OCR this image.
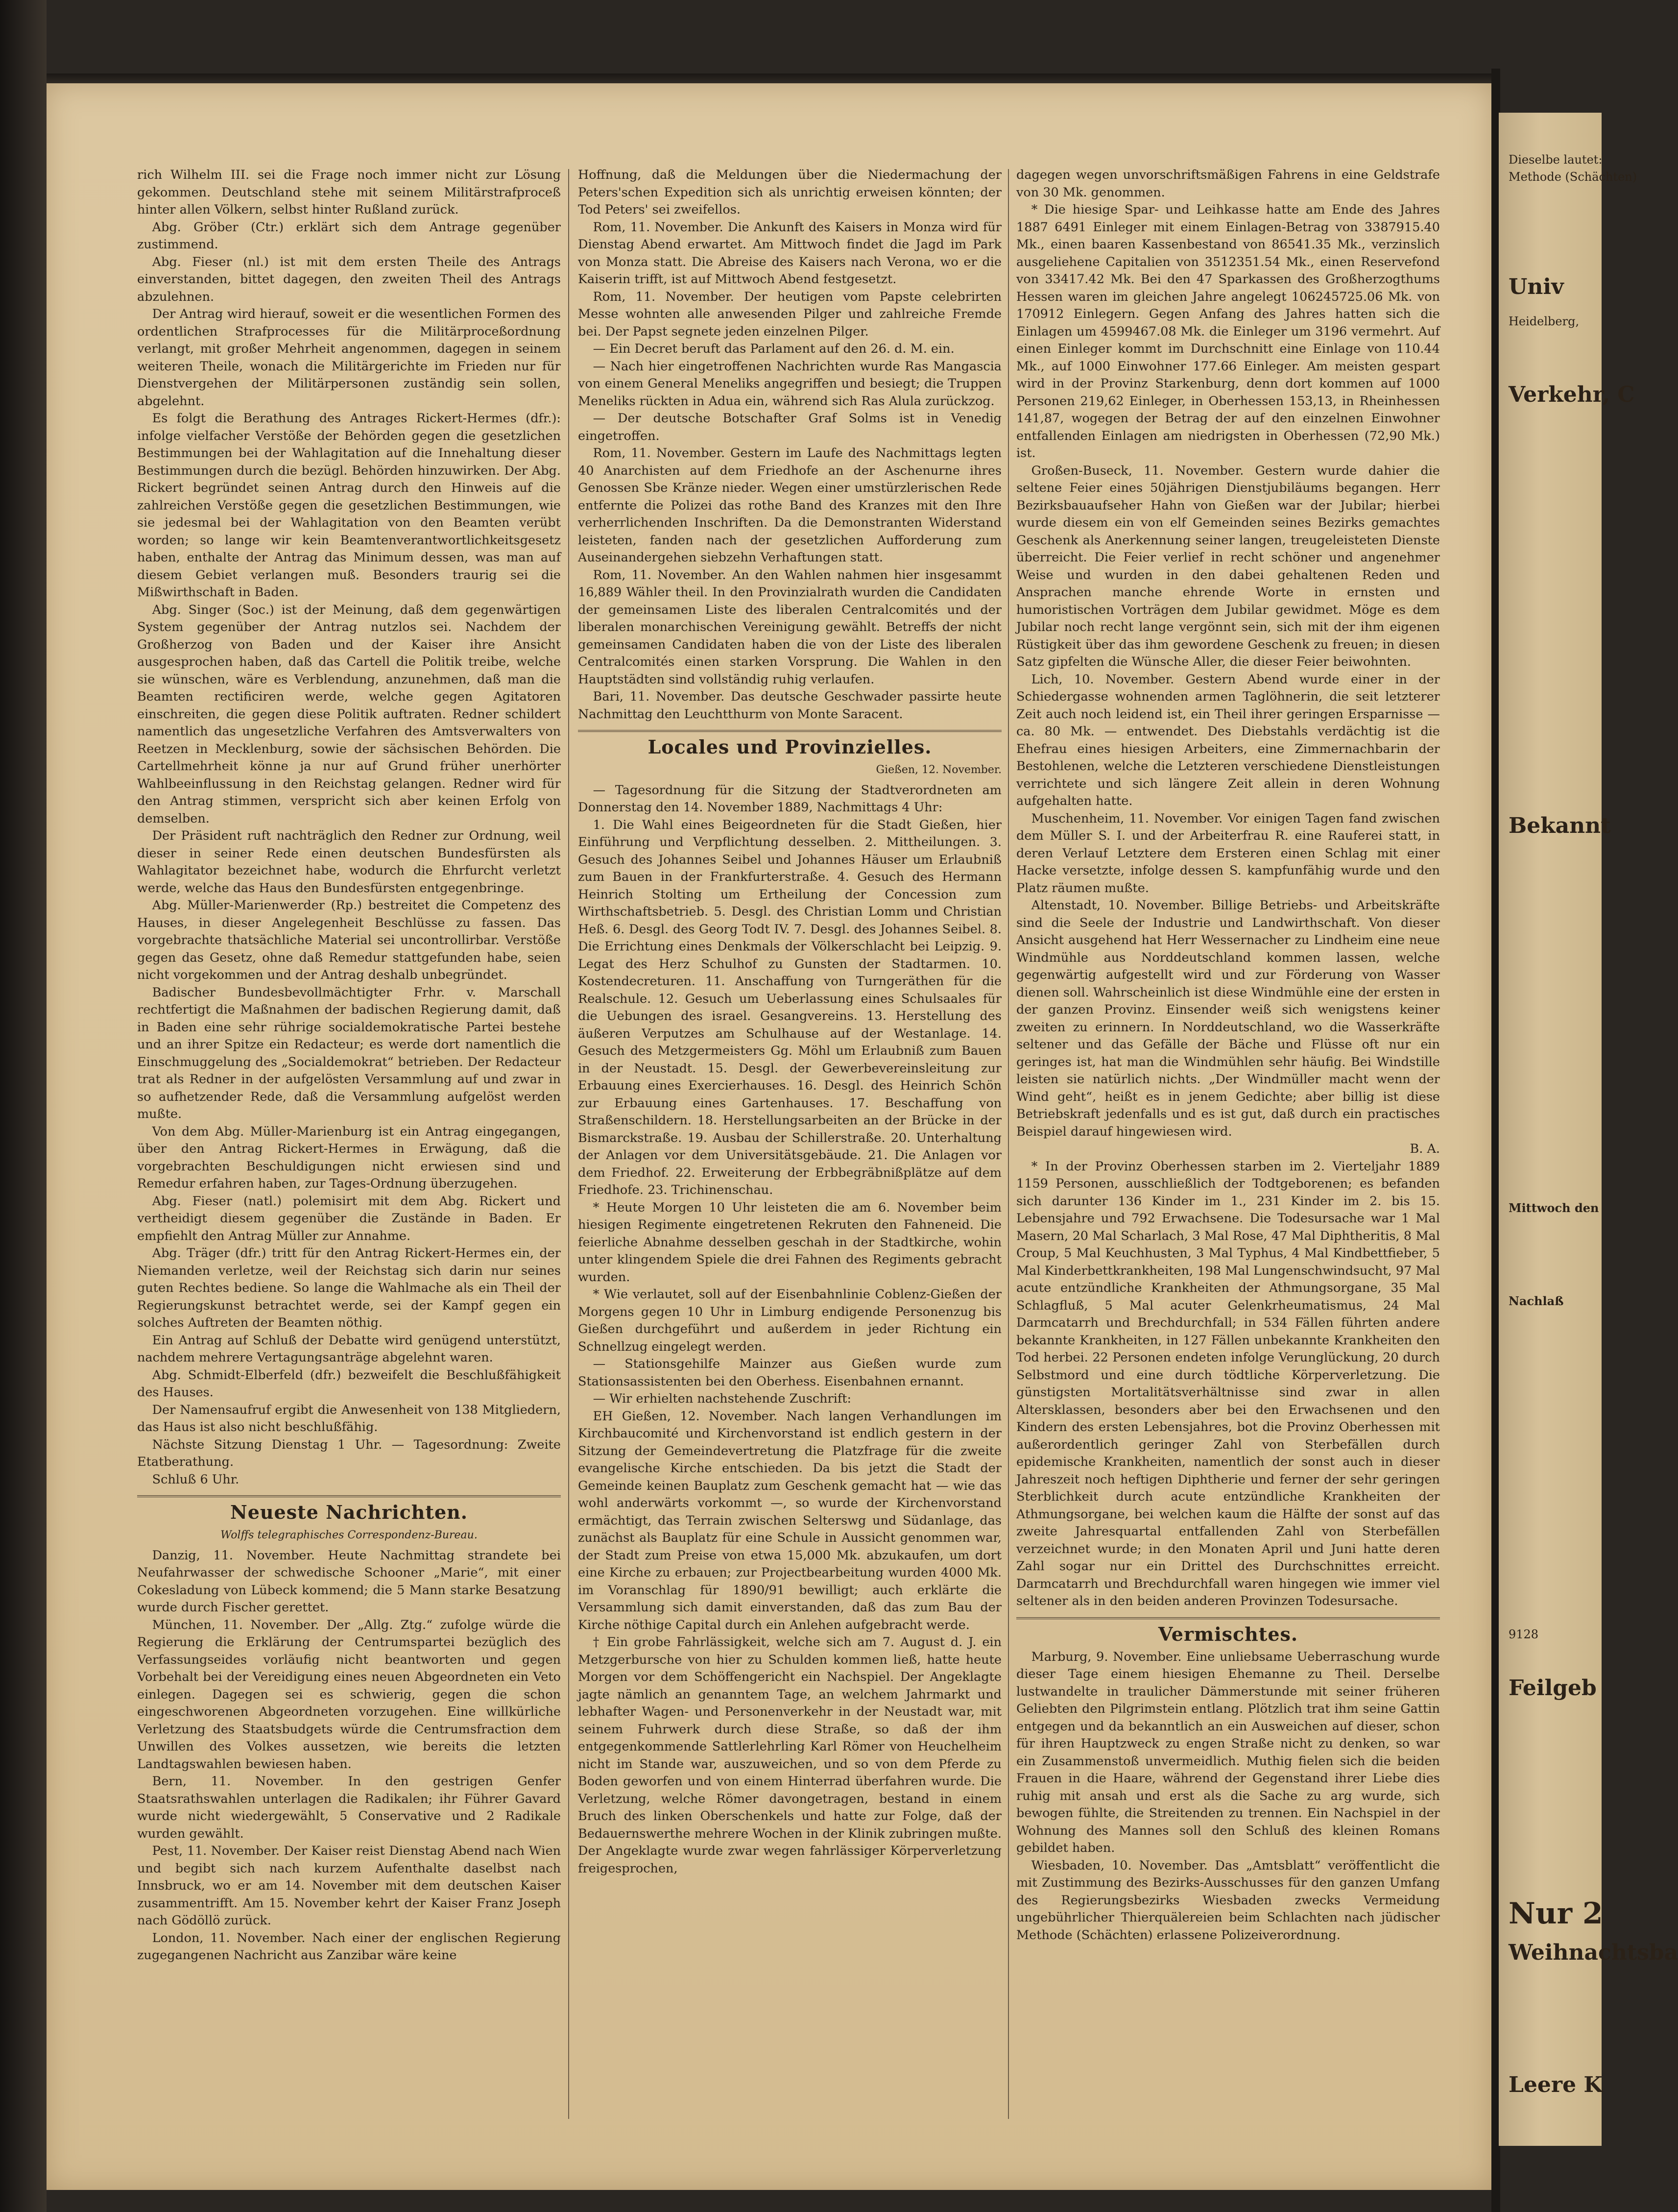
rich Wilhelm III. sei die Frage noch immer nicht zur Lösung gekommen. Deutschland stehe mit seinem Militärstrafproceß hinter allen Völkern, selbst hinter Rußland zurück.

Abg. Gröber (Ctr.) erklärt sich dem Antrage gegenüber zustimmend.

Abg. Fieser (nl.) ist mit dem ersten Theile des Antrags einverstanden, bittet dagegen, den zweiten Theil des Antrags abzulehnen.

Der Antrag wird hierauf, soweit er die wesentlichen Formen des ordentlichen Strafprocesses für die Militärproceßordnung verlangt, mit großer Mehrheit angenommen, dagegen in seinem weiteren Theile, wonach die Militärgerichte im Frieden nur für Dienstvergehen der Militärpersonen zuständig sein sollen, abgelehnt.

Es folgt die Berathung des Antrages Rickert-Hermes (dfr.): infolge vielfacher Verstöße der Behörden gegen die gesetzlichen Bestimmungen bei der Wahlagitation auf die Innehaltung dieser Bestimmungen durch die bezügl. Behörden hinzuwirken. Der Abg. Rickert begründet seinen Antrag durch den Hinweis auf die zahlreichen Verstöße gegen die gesetzlichen Bestimmungen, wie sie jedesmal bei der Wahlagitation von den Beamten verübt worden; so lange wir kein Beamtenverantwortlichkeitsgesetz haben, enthalte der Antrag das Minimum dessen, was man auf diesem Gebiet verlangen muß. Besonders traurig sei die Mißwirthschaft in Baden.

Abg. Singer (Soc.) ist der Meinung, daß dem gegenwärtigen System gegenüber der Antrag nutzlos sei. Nachdem der Großherzog von Baden und der Kaiser ihre Ansicht ausgesprochen haben, daß das Cartell die Politik treibe, welche sie wünschen, wäre es Verblendung, anzunehmen, daß man die Beamten rectificiren werde, welche gegen Agitatoren einschreiten, die gegen diese Politik auftraten. Redner schildert namentlich das ungesetzliche Verfahren des Amtsverwalters von Reetzen in Mecklenburg, sowie der sächsischen Behörden. Die Cartellmehrheit könne ja nur auf Grund früher unerhörter Wahlbeeinflussung in den Reichstag gelangen. Redner wird für den Antrag stimmen, verspricht sich aber keinen Erfolg von demselben.

Der Präsident ruft nachträglich den Redner zur Ordnung, weil dieser in seiner Rede einen deutschen Bundesfürsten als Wahlagitator bezeichnet habe, wodurch die Ehrfurcht verletzt werde, welche das Haus den Bundesfürsten entgegenbringe.

Abg. Müller-Marienwerder (Rp.) bestreitet die Competenz des Hauses, in dieser Angelegenheit Beschlüsse zu fassen. Das vorgebrachte thatsächliche Material sei uncontrollirbar. Verstöße gegen das Gesetz, ohne daß Remedur stattgefunden habe, seien nicht vorgekommen und der Antrag deshalb unbegründet.

Badischer Bundesbevollmächtigter Frhr. v. Marschall rechtfertigt die Maßnahmen der badischen Regierung damit, daß in Baden eine sehr rührige socialdemokratische Partei bestehe und an ihrer Spitze ein Redacteur; es werde dort namentlich die Einschmuggelung des „Socialdemokrat“ betrieben. Der Redacteur trat als Redner in der aufgelösten Versammlung auf und zwar in so aufhetzender Rede, daß die Versammlung aufgelöst werden mußte.

Von dem Abg. Müller-Marienburg ist ein Antrag eingegangen, über den Antrag Rickert-Hermes in Erwägung, daß die vorgebrachten Beschuldigungen nicht erwiesen sind und Remedur erfahren haben, zur Tages-Ordnung überzugehen.

Abg. Fieser (natl.) polemisirt mit dem Abg. Rickert und vertheidigt diesem gegenüber die Zustände in Baden. Er empfiehlt den Antrag Müller zur Annahme.

Abg. Träger (dfr.) tritt für den Antrag Rickert-Hermes ein, der Niemanden verletze, weil der Reichstag sich darin nur seines guten Rechtes bediene. So lange die Wahlmache als ein Theil der Regierungskunst betrachtet werde, sei der Kampf gegen ein solches Auftreten der Beamten nöthig.

Ein Antrag auf Schluß der Debatte wird genügend unterstützt, nachdem mehrere Vertagungsanträge abgelehnt waren.

Abg. Schmidt-Elberfeld (dfr.) bezweifelt die Beschlußfähigkeit des Hauses.

Der Namensaufruf ergibt die Anwesenheit von 138 Mitgliedern, das Haus ist also nicht beschlußfähig.

Nächste Sitzung Dienstag 1 Uhr. — Tagesordnung: Zweite Etatberathung.

Schluß 6 Uhr.

Neueste Nachrichten.
Wolffs telegraphisches Correspondenz-Bureau.

Danzig, 11. November. Heute Nachmittag strandete bei Neufahrwasser der schwedische Schooner „Marie“, mit einer Cokesladung von Lübeck kommend; die 5 Mann starke Besatzung wurde durch Fischer gerettet.

München, 11. November. Der „Allg. Ztg.“ zufolge würde die Regierung die Erklärung der Centrumspartei bezüglich des Verfassungseides vorläufig nicht beantworten und gegen Vorbehalt bei der Vereidigung eines neuen Abgeordneten ein Veto einlegen. Dagegen sei es schwierig, gegen die schon eingeschworenen Abgeordneten vorzugehen. Eine willkürliche Verletzung des Staatsbudgets würde die Centrumsfraction dem Unwillen des Volkes aussetzen, wie bereits die letzten Landtagswahlen bewiesen haben.

Bern, 11. November. In den gestrigen Genfer Staatsrathswahlen unterlagen die Radikalen; ihr Führer Gavard wurde nicht wiedergewählt, 5 Conservative und 2 Radikale wurden gewählt.

Pest, 11. November. Der Kaiser reist Dienstag Abend nach Wien und begibt sich nach kurzem Aufenthalte daselbst nach Innsbruck, wo er am 14. November mit dem deutschen Kaiser zusammentrifft. Am 15. November kehrt der Kaiser Franz Joseph nach Gödöllö zurück.

London, 11. November. Nach einer der englischen Regierung zugegangenen Nachricht aus Zanzibar wäre keine

Hoffnung, daß die Meldungen über die Niedermachung der Peters'schen Expedition sich als unrichtig erweisen könnten; der Tod Peters' sei zweifellos.

Rom, 11. November. Die Ankunft des Kaisers in Monza wird für Dienstag Abend erwartet. Am Mittwoch findet die Jagd im Park von Monza statt. Die Abreise des Kaisers nach Verona, wo er die Kaiserin trifft, ist auf Mittwoch Abend festgesetzt.

Rom, 11. November. Der heutigen vom Papste celebrirten Messe wohnten alle anwesenden Pilger und zahlreiche Fremde bei. Der Papst segnete jeden einzelnen Pilger.

— Ein Decret beruft das Parlament auf den 26. d. M. ein.

— Nach hier eingetroffenen Nachrichten wurde Ras Mangascia von einem General Meneliks angegriffen und besiegt; die Truppen Meneliks rückten in Adua ein, während sich Ras Alula zurückzog.

— Der deutsche Botschafter Graf Solms ist in Venedig eingetroffen.

Rom, 11. November. Gestern im Laufe des Nachmittags legten 40 Anarchisten auf dem Friedhofe an der Aschenurne ihres Genossen Sbe Kränze nieder. Wegen einer umstürzlerischen Rede entfernte die Polizei das rothe Band des Kranzes mit den Ihre verherrlichenden Inschriften. Da die Demonstranten Widerstand leisteten, fanden nach der gesetzlichen Aufforderung zum Auseinandergehen siebzehn Verhaftungen statt.

Rom, 11. November. An den Wahlen nahmen hier insgesammt 16,889 Wähler theil. In den Provinzialrath wurden die Candidaten der gemeinsamen Liste des liberalen Centralcomités und der liberalen monarchischen Vereinigung gewählt. Betreffs der nicht gemeinsamen Candidaten haben die von der Liste des liberalen Centralcomités einen starken Vorsprung. Die Wahlen in den Hauptstädten sind vollständig ruhig verlaufen.

Bari, 11. November. Das deutsche Geschwader passirte heute Nachmittag den Leuchtthurm von Monte Saracent.

Locales und Provinzielles.
Gießen, 12. November.

— Tagesordnung für die Sitzung der Stadtverordneten am Donnerstag den 14. November 1889, Nachmittags 4 Uhr:

1. Die Wahl eines Beigeordneten für die Stadt Gießen, hier Einführung und Verpflichtung desselben. 2. Mittheilungen. 3. Gesuch des Johannes Seibel und Johannes Häuser um Erlaubniß zum Bauen in der Frankfurterstraße. 4. Gesuch des Hermann Heinrich Stolting um Ertheilung der Concession zum Wirthschaftsbetrieb. 5. Desgl. des Christian Lomm und Christian Heß. 6. Desgl. des Georg Todt IV. 7. Desgl. des Johannes Seibel. 8. Die Errichtung eines Denkmals der Völkerschlacht bei Leipzig. 9. Legat des Herz Schulhof zu Gunsten der Stadtarmen. 10. Kostendecreturen. 11. Anschaffung von Turngeräthen für die Realschule. 12. Gesuch um Ueberlassung eines Schulsaales für die Uebungen des israel. Gesangvereins. 13. Herstellung des äußeren Verputzes am Schulhause auf der Westanlage. 14. Gesuch des Metzgermeisters Gg. Möhl um Erlaubniß zum Bauen in der Neustadt. 15. Desgl. der Gewerbevereinsleitung zur Erbauung eines Exercierhauses. 16. Desgl. des Heinrich Schön zur Erbauung eines Gartenhauses. 17. Beschaffung von Straßenschildern. 18. Herstellungsarbeiten an der Brücke in der Bismarckstraße. 19. Ausbau der Schillerstraße. 20. Unterhaltung der Anlagen vor dem Universitätsgebäude. 21. Die Anlagen vor dem Friedhof. 22. Erweiterung der Erbbegräbnißplätze auf dem Friedhofe. 23. Trichinenschau.

* Heute Morgen 10 Uhr leisteten die am 6. November beim hiesigen Regimente eingetretenen Rekruten den Fahneneid. Die feierliche Abnahme desselben geschah in der Stadtkirche, wohin unter klingendem Spiele die drei Fahnen des Regiments gebracht wurden.

* Wie verlautet, soll auf der Eisenbahnlinie Coblenz-Gießen der Morgens gegen 10 Uhr in Limburg endigende Personenzug bis Gießen durchgeführt und außerdem in jeder Richtung ein Schnellzug eingelegt werden.

— Stationsgehilfe Mainzer aus Gießen wurde zum Stationsassistenten bei den Oberhess. Eisenbahnen ernannt.

— Wir erhielten nachstehende Zuschrift:

EH Gießen, 12. November. Nach langen Verhandlungen im Kirchbaucomité und Kirchenvorstand ist endlich gestern in der Sitzung der Gemeindevertretung die Platzfrage für die zweite evangelische Kirche entschieden. Da bis jetzt die Stadt der Gemeinde keinen Bauplatz zum Geschenk gemacht hat — wie das wohl anderwärts vorkommt —, so wurde der Kirchenvorstand ermächtigt, das Terrain zwischen Selterswg und Südanlage, das zunächst als Bauplatz für eine Schule in Aussicht genommen war, der Stadt zum Preise von etwa 15,000 Mk. abzukaufen, um dort eine Kirche zu erbauen; zur Projectbearbeitung wurden 4000 Mk. im Voranschlag für 1890/91 bewilligt; auch erklärte die Versammlung sich damit einverstanden, daß das zum Bau der Kirche nöthige Capital durch ein Anlehen aufgebracht werde.

† Ein grobe Fahrlässigkeit, welche sich am 7. August d. J. ein Metzgerbursche von hier zu Schulden kommen ließ, hatte heute Morgen vor dem Schöffengericht ein Nachspiel. Der Angeklagte jagte nämlich an genanntem Tage, an welchem Jahrmarkt und lebhafter Wagen- und Personenverkehr in der Neustadt war, mit seinem Fuhrwerk durch diese Straße, so daß der ihm entgegenkommende Sattlerlehrling Karl Römer von Heuchelheim nicht im Stande war, auszuweichen, und so von dem Pferde zu Boden geworfen und von einem Hinterrad überfahren wurde. Die Verletzung, welche Römer davongetragen, bestand in einem Bruch des linken Oberschenkels und hatte zur Folge, daß der Bedauernswerthe mehrere Wochen in der Klinik zubringen mußte. Der Angeklagte wurde zwar wegen fahrlässiger Körperverletzung freigesprochen,

dagegen wegen unvorschriftsmäßigen Fahrens in eine Geldstrafe von 30 Mk. genommen.

* Die hiesige Spar- und Leihkasse hatte am Ende des Jahres 1887 6491 Einleger mit einem Einlagen-Betrag von 3387915.40 Mk., einen baaren Kassenbestand von 86541.35 Mk., verzinslich ausgeliehene Capitalien von 3512351.54 Mk., einen Reservefond von 33417.42 Mk. Bei den 47 Sparkassen des Großherzogthums Hessen waren im gleichen Jahre angelegt 106245725.06 Mk. von 170912 Einlegern. Gegen Anfang des Jahres hatten sich die Einlagen um 4599467.08 Mk. die Einleger um 3196 vermehrt. Auf einen Einleger kommt im Durchschnitt eine Einlage von 110.44 Mk., auf 1000 Einwohner 177.66 Einleger. Am meisten gespart wird in der Provinz Starkenburg, denn dort kommen auf 1000 Personen 219,62 Einleger, in Oberhessen 153,13, in Rheinhessen 141,87, wogegen der Betrag der auf den einzelnen Einwohner entfallenden Einlagen am niedrigsten in Oberhessen (72,90 Mk.) ist.

Großen-Buseck, 11. November. Gestern wurde dahier die seltene Feier eines 50jährigen Dienstjubiläums begangen. Herr Bezirksbauaufseher Hahn von Gießen war der Jubilar; hierbei wurde diesem ein von elf Gemeinden seines Bezirks gemachtes Geschenk als Anerkennung seiner langen, treugeleisteten Dienste überreicht. Die Feier verlief in recht schöner und angenehmer Weise und wurden in den dabei gehaltenen Reden und Ansprachen manche ehrende Worte in ernsten und humoristischen Vorträgen dem Jubilar gewidmet. Möge es dem Jubilar noch recht lange vergönnt sein, sich mit der ihm eigenen Rüstigkeit über das ihm gewordene Geschenk zu freuen; in diesen Satz gipfelten die Wünsche Aller, die dieser Feier beiwohnten.

Lich, 10. November. Gestern Abend wurde einer in der Schiedergasse wohnenden armen Taglöhnerin, die seit letzterer Zeit auch noch leidend ist, ein Theil ihrer geringen Ersparnisse — ca. 80 Mk. — entwendet. Des Diebstahls verdächtig ist die Ehefrau eines hiesigen Arbeiters, eine Zimmernachbarin der Bestohlenen, welche die Letzteren verschiedene Dienstleistungen verrichtete und sich längere Zeit allein in deren Wohnung aufgehalten hatte.

Muschenheim, 11. November. Vor einigen Tagen fand zwischen dem Müller S. I. und der Arbeiterfrau R. eine Rauferei statt, in deren Verlauf Letztere dem Ersteren einen Schlag mit einer Hacke versetzte, infolge dessen S. kampfunfähig wurde und den Platz räumen mußte.

Altenstadt, 10. November. Billige Betriebs- und Arbeitskräfte sind die Seele der Industrie und Landwirthschaft. Von dieser Ansicht ausgehend hat Herr Wessernacher zu Lindheim eine neue Windmühle aus Norddeutschland kommen lassen, welche gegenwärtig aufgestellt wird und zur Förderung von Wasser dienen soll. Wahrscheinlich ist diese Windmühle eine der ersten in der ganzen Provinz. Einsender weiß sich wenigstens keiner zweiten zu erinnern. In Norddeutschland, wo die Wasserkräfte seltener und das Gefälle der Bäche und Flüsse oft nur ein geringes ist, hat man die Windmühlen sehr häufig. Bei Windstille leisten sie natürlich nichts. „Der Windmüller macht wenn der Wind geht“, heißt es in jenem Gedichte; aber billig ist diese Betriebskraft jedenfalls und es ist gut, daß durch ein practisches Beispiel darauf hingewiesen wird.

B. A.

* In der Provinz Oberhessen starben im 2. Vierteljahr 1889 1159 Personen, ausschließlich der Todtgeborenen; es befanden sich darunter 136 Kinder im 1., 231 Kinder im 2. bis 15. Lebensjahre und 792 Erwachsene. Die Todesursache war 1 Mal Masern, 20 Mal Scharlach, 3 Mal Rose, 47 Mal Diphtheritis, 8 Mal Croup, 5 Mal Keuchhusten, 3 Mal Typhus, 4 Mal Kindbettfieber, 5 Mal Kinderbettkrankheiten, 198 Mal Lungenschwindsucht, 97 Mal acute entzündliche Krankheiten der Athmungsorgane, 35 Mal Schlagfluß, 5 Mal acuter Gelenkrheumatismus, 24 Mal Darmcatarrh und Brechdurchfall; in 534 Fällen führten andere bekannte Krankheiten, in 127 Fällen unbekannte Krankheiten den Tod herbei. 22 Personen endeten infolge Verunglückung, 20 durch Selbstmord und eine durch tödtliche Körperverletzung. Die günstigsten Mortalitätsverhältnisse sind zwar in allen Altersklassen, besonders aber bei den Erwachsenen und den Kindern des ersten Lebensjahres, bot die Provinz Oberhessen mit außerordentlich geringer Zahl von Sterbefällen durch epidemische Krankheiten, namentlich der sonst auch in dieser Jahreszeit noch heftigen Diphtherie und ferner der sehr geringen Sterblichkeit durch acute entzündliche Krankheiten der Athmungsorgane, bei welchen kaum die Hälfte der sonst auf das zweite Jahresquartal entfallenden Zahl von Sterbefällen verzeichnet wurde; in den Monaten April und Juni hatte deren Zahl sogar nur ein Drittel des Durchschnittes erreicht. Darmcatarrh und Brechdurchfall waren hingegen wie immer viel seltener als in den beiden anderen Provinzen Todesursache.

Vermischtes.

Marburg, 9. November. Eine unliebsame Ueberraschung wurde dieser Tage einem hiesigen Ehemanne zu Theil. Derselbe lustwandelte in traulicher Dämmerstunde mit seiner früheren Geliebten den Pilgrimstein entlang. Plötzlich trat ihm seine Gattin entgegen und da bekanntlich an ein Ausweichen auf dieser, schon für ihren Hauptzweck zu engen Straße nicht zu denken, so war ein Zusammenstoß unvermeidlich. Muthig fielen sich die beiden Frauen in die Haare, während der Gegenstand ihrer Liebe dies ruhig mit ansah und erst als die Sache zu arg wurde, sich bewogen fühlte, die Streitenden zu trennen. Ein Nachspiel in der Wohnung des Mannes soll den Schluß des kleinen Romans gebildet haben.

Wiesbaden, 10. November. Das „Amtsblatt“ veröffentlicht die mit Zustimmung des Bezirks-Ausschusses für den ganzen Umfang des Regierungsbezirks Wiesbaden zwecks Vermeidung ungebührlicher Thierquälereien beim Schlachten nach jüdischer Methode (Schächten) erlassene Polizeiverordnung.

Dieselbe lautet:
Methode (Schächten)
Univ
Heidelberg,
Verkehr, C
Bekannt
Mittwoch den
Nachlaß
9128
Feilgeb
Nur 2
Weihnachtsba
Leere K
